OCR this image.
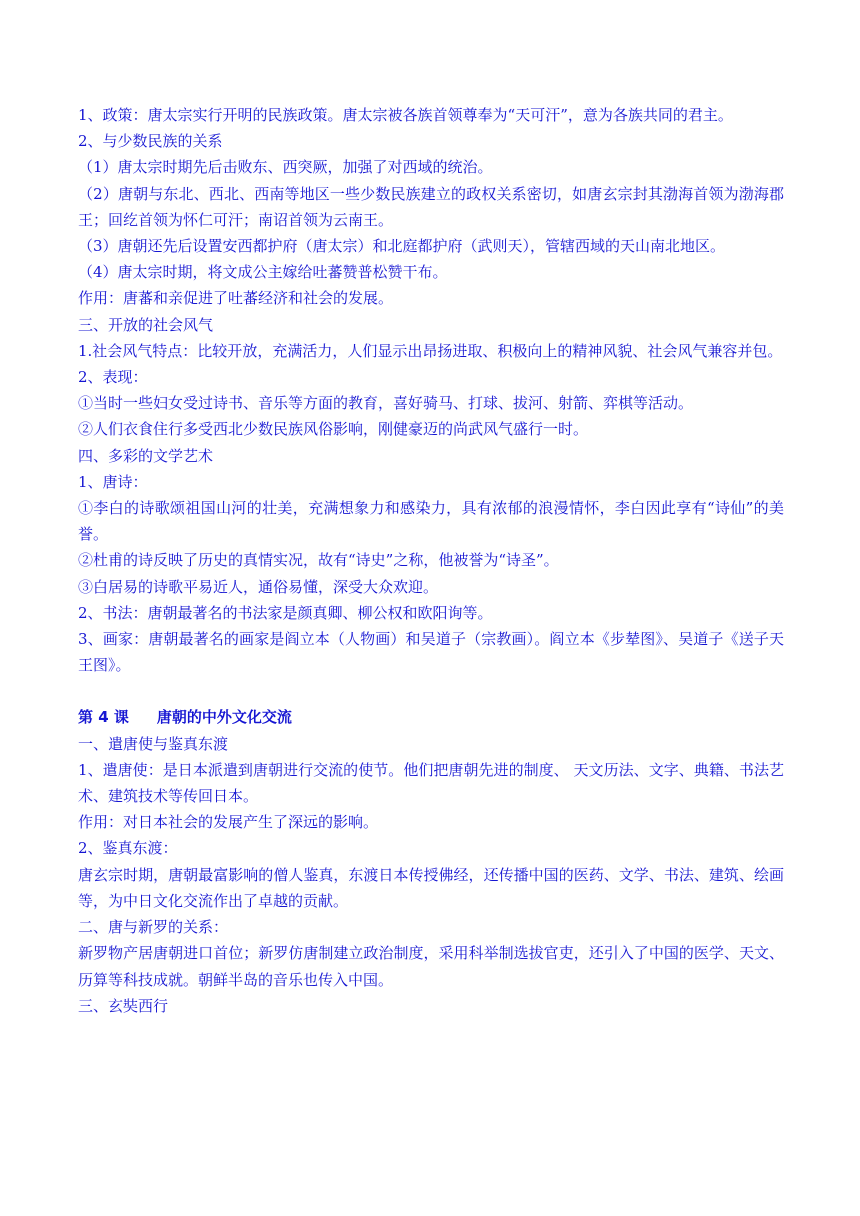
1、政策：唐太宗实行开明的民族政策。唐太宗被各族首领尊奉为“天可汗”，意为各族共同的君主。

2、与少数民族的关系

（1）唐太宗时期先后击败东、西突厥，加强了对西域的统治。

（2）唐朝与东北、西北、西南等地区一些少数民族建立的政权关系密切，如唐玄宗封其渤海首领为渤海郡王；回纥首领为怀仁可汗；南诏首领为云南王。

（3）唐朝还先后设置安西都护府（唐太宗）和北庭都护府（武则天），管辖西域的天山南北地区。

（4）唐太宗时期，将文成公主嫁给吐蕃赞普松赞干布。

作用：唐蕃和亲促进了吐蕃经济和社会的发展。

三、开放的社会风气

1.社会风气特点：比较开放，充满活力，人们显示出昂扬进取、积极向上的精神风貌、社会风气兼容并包。

2、表现：

①当时一些妇女受过诗书、音乐等方面的教育，喜好骑马、打球、拔河、射箭、弈棋等活动。

②人们衣食住行多受西北少数民族风俗影响，刚健豪迈的尚武风气盛行一时。

四、多彩的文学艺术

1、唐诗：

①李白的诗歌颂祖国山河的壮美，充满想象力和感染力，具有浓郁的浪漫情怀，李白因此享有“诗仙”的美誉。

②杜甫的诗反映了历史的真情实况，故有“诗史”之称，他被誉为“诗圣”。

③白居易的诗歌平易近人，通俗易懂，深受大众欢迎。

2、书法：唐朝最著名的书法家是颜真卿、柳公权和欧阳询等。

3、画家：唐朝最著名的画家是阎立本（人物画）和吴道子（宗教画）。阎立本《步辇图》、吴道子《送子天王图》。

第 4 课 唐朝的中外文化交流

一、遣唐使与鉴真东渡

1、遣唐使：是日本派遣到唐朝进行交流的使节。他们把唐朝先进的制度、 天文历法、文字、典籍、书法艺术、建筑技术等传回日本。

作用：对日本社会的发展产生了深远的影响。

2、鉴真东渡：

唐玄宗时期，唐朝最富影响的僧人鉴真，东渡日本传授佛经，还传播中国的医药、文学、书法、建筑、绘画等，为中日文化交流作出了卓越的贡献。

二、唐与新罗的关系：

新罗物产居唐朝进口首位；新罗仿唐制建立政治制度，采用科举制选拔官吏，还引入了中国的医学、天文、历算等科技成就。朝鲜半岛的音乐也传入中国。

三、玄奘西行
